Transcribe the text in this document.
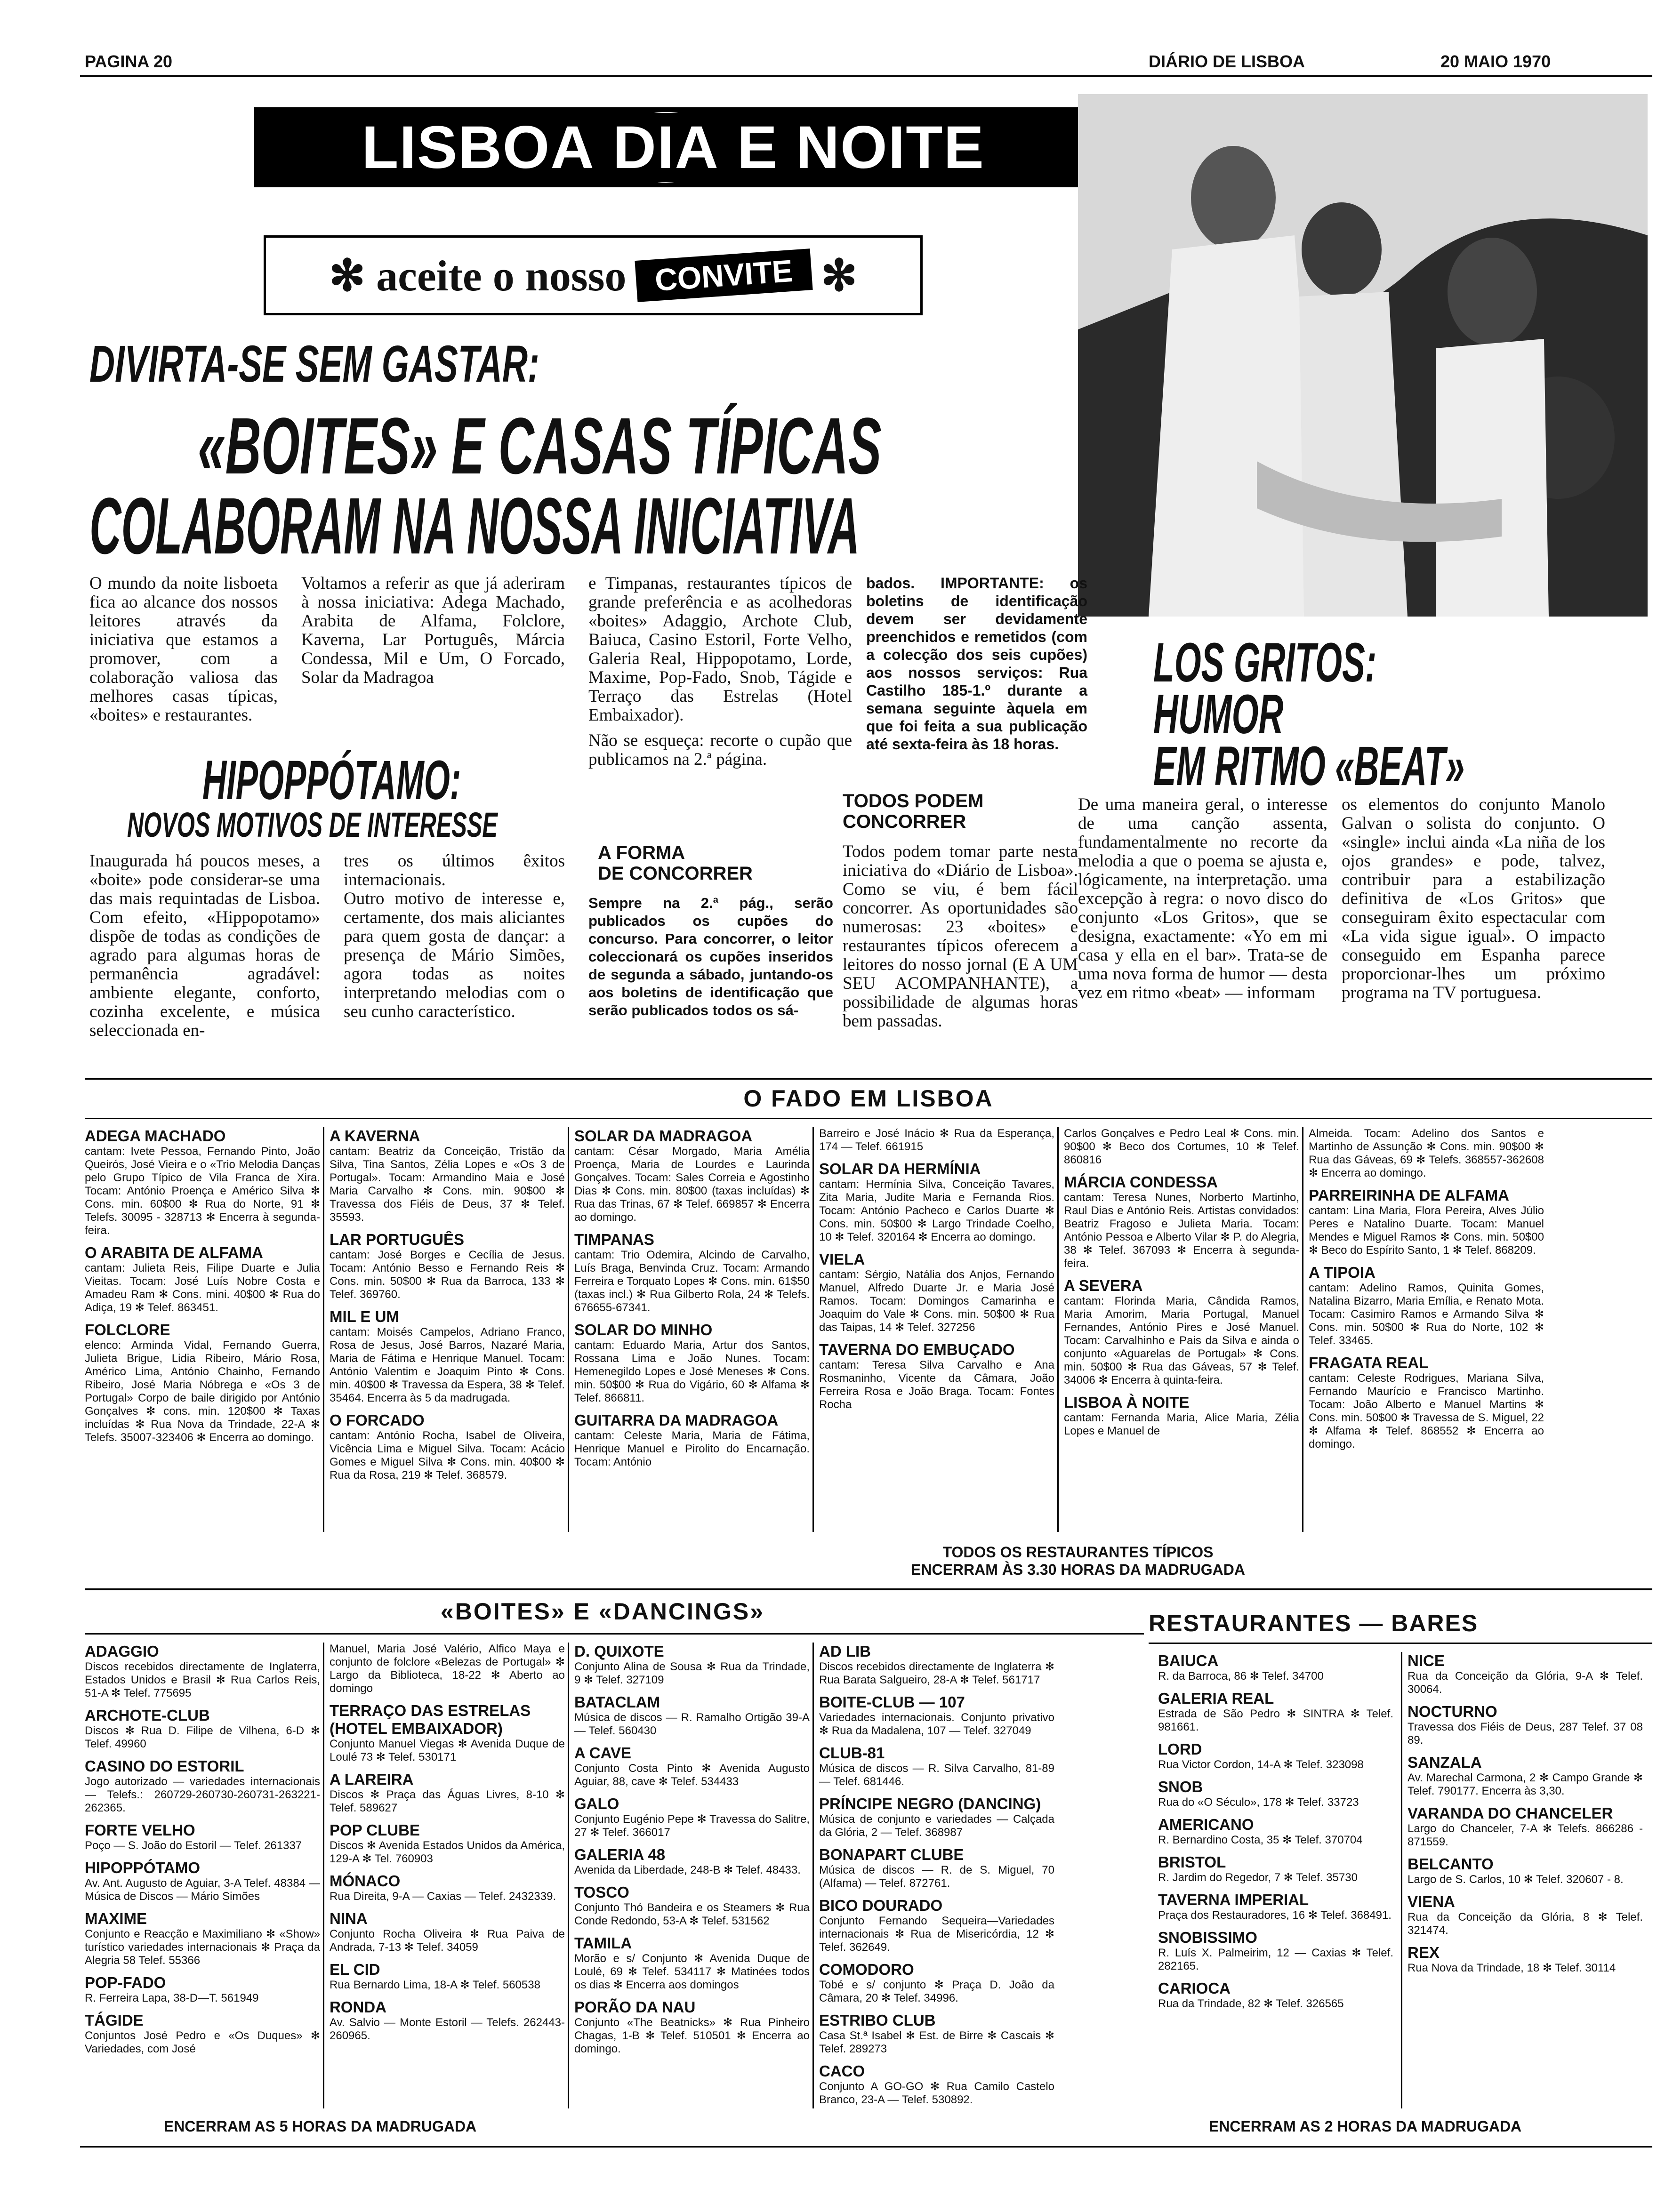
PAGINA 20	DIÁRIO DE LISBOA	20 MAIO 1970
LISBOA DIA E NOITE
✻ aceite o nosso CONVITE ✻
DIVIRTA-SE SEM GASTAR:
«BOITES» E CASAS TÍPICAS
COLABORAM NA NOSSA INICIATIVA

O mundo da noite lisboeta fica ao alcance dos nossos leitores através da iniciativa que estamos a promover, com a colaboração valiosa das melhores casas típicas, «boites» e restaurantes.

Voltamos a referir as que já aderiram à nossa iniciativa: Adega Machado, Arabita de Alfama, Folclore, Kaverna, Lar Português, Márcia Condessa, Mil e Um, O Forcado, Solar da Madragoa

e Timpanas, restaurantes típicos de grande preferência e as acolhedoras «boites» Adaggio, Archote Club, Baiuca, Casino Estoril, Forte Velho, Galeria Real, Hippopotamo, Lorde, Maxime, Pop-Fado, Snob, Tágide e Terraço das Estrelas (Hotel Embaixador).

Não se esqueça: recorte o cupão que publicamos na 2.ª página.

bados. IMPORTANTE: os boletins de identificação devem ser devidamente preenchidos e remetidos (com a colecção dos seis cupões) aos nossos serviços: Rua Castilho 185-1.º durante a semana seguinte àquela em que foi feita a sua publicação até sexta-feira às 18 horas.

HIPOPPÓTAMO:
NOVOS MOTIVOS DE INTERESSE

Inaugurada há poucos meses, a «boite» pode considerar-se uma das mais requintadas de Lisboa. Com efeito, «Hippopotamo» dispõe de todas as condições de agrado para algumas horas de permanência agradável: ambiente elegante, conforto, cozinha excelente, e música seleccionada en-

tres os últimos êxitos internacionais.
Outro motivo de interesse e, certamente, dos mais aliciantes para quem gosta de dançar: a presença de Mário Simões, agora todas as noites interpretando melodias com o seu cunho característico.

A FORMA
DE CONCORRER

Sempre na 2.ª pág., serão publicados os cupões do concurso. Para concorrer, o leitor coleccionará os cupões inseridos de segunda a sábado, juntando-os aos boletins de identificação que serão publicados todos os sá-

TODOS PODEM
CONCORRER

Todos podem tomar parte nesta iniciativa do «Diário de Lisboa». Como se viu, é bem fácil concorrer. As oportunidades são numerosas: 23 «boites» e restaurantes típicos oferecem a leitores do nosso jornal (E A UM SEU ACOMPANHANTE), a possibilidade de algumas horas bem passadas.

LOS GRITOS:
HUMOR
EM RITMO «BEAT»

De uma maneira geral, o interesse de uma canção assenta, fundamentalmente no recorte da melodia a que o poema se ajusta e, lógicamente, na interpretação. uma excepção à regra: o novo disco do conjunto «Los Gritos», que se designa, exactamente: «Yo em mi casa y ella en el bar». Trata-se de uma nova forma de humor — desta vez em ritmo «beat» — informam

os elementos do conjunto Manolo Galvan o solista do conjunto. O «single» inclui ainda «La niña de los ojos grandes» e pode, talvez, contribuir para a estabilização definitiva de «Los Gritos» que conseguiram êxito espectacular com «La vida sigue igual». O impacto conseguido em Espanha parece proporcionar-lhes um próximo programa na TV portuguesa.

O FADO EM LISBOA
ADEGA MACHADO
cantam: Ivete Pessoa, Fernando Pinto, João Queirós, José Vieira e o «Trio Melodia Danças pelo Grupo Típico de Vila Franca de Xira. Tocam: António Proença e Américo Silva ✻ Cons. min. 60$00 ✻ Rua do Norte, 91 ✻ Telefs. 30095 - 328713 ✻ Encerra à segunda-feira.
O ARABITA DE ALFAMA
cantam: Julieta Reis, Filipe Duarte e Julia Vieitas. Tocam: José Luís Nobre Costa e Amadeu Ram ✻ Cons. mini. 40$00 ✻ Rua do Adiça, 19 ✻ Telef. 863451.
FOLCLORE
elenco: Arminda Vidal, Fernando Guerra, Julieta Brigue, Lidia Ribeiro, Mário Rosa, Américo Lima, António Chainho, Fernando Ribeiro, José Maria Nóbrega e «Os 3 de Portugal» Corpo de baile dirigido por António Gonçalves ✻ cons. min. 120$00 ✻ Taxas incluídas ✻ Rua Nova da Trindade, 22-A ✻ Telefs. 35007-323406 ✻ Encerra ao domingo.
A KAVERNA
cantam: Beatriz da Conceição, Tristão da Silva, Tina Santos, Zélia Lopes e «Os 3 de Portugal». Tocam: Armandino Maia e José Maria Carvalho ✻ Cons. min. 90$00 ✻ Travessa dos Fiéis de Deus, 37 ✻ Telef. 35593.
LAR PORTUGUÊS
cantam: José Borges e Cecília de Jesus. Tocam: António Besso e Fernando Reis ✻ Cons. min. 50$00 ✻ Rua da Barroca, 133 ✻ Telef. 369760.
MIL E UM
cantam: Moisés Campelos, Adriano Franco, Rosa de Jesus, José Barros, Nazaré Maria, Maria de Fátima e Henrique Manuel. Tocam: António Valentim e Joaquim Pinto ✻ Cons. min. 40$00 ✻ Travessa da Espera, 38 ✻ Telef. 35464. Encerra às 5 da madrugada.
O FORCADO
cantam: António Rocha, Isabel de Oliveira, Vicência Lima e Miguel Silva. Tocam: Acácio Gomes e Miguel Silva ✻ Cons. min. 40$00 ✻ Rua da Rosa, 219 ✻ Telef. 368579.
SOLAR DA MADRAGOA
cantam: César Morgado, Maria Amélia Proença, Maria de Lourdes e Laurinda Gonçalves. Tocam: Sales Correia e Agostinho Dias ✻ Cons. min. 80$00 (taxas incluídas) ✻ Rua das Trinas, 67 ✻ Telef. 669857 ✻ Encerra ao domingo.
TIMPANAS
cantam: Trio Odemira, Alcindo de Carvalho, Luís Braga, Benvinda Cruz. Tocam: Armando Ferreira e Torquato Lopes ✻ Cons. min. 61$50 (taxas incl.) ✻ Rua Gilberto Rola, 24 ✻ Telefs. 676655-67341.
SOLAR DO MINHO
cantam: Eduardo Maria, Artur dos Santos, Rossana Lima e João Nunes. Tocam: Hemenegildo Lopes e José Meneses ✻ Cons. min. 50$00 ✻ Rua do Vigário, 60 ✻ Alfama ✻ Telef. 866811.
GUITARRA DA MADRAGOA
cantam: Celeste Maria, Maria de Fátima, Henrique Manuel e Pirolito do Encarnação. Tocam: António
Barreiro e José Inácio ✻ Rua da Esperança, 174 — Telef. 661915
SOLAR DA HERMÍNIA
cantam: Hermínia Silva, Conceição Tavares, Zita Maria, Judite Maria e Fernanda Rios. Tocam: António Pacheco e Carlos Duarte ✻ Cons. min. 50$00 ✻ Largo Trindade Coelho, 10 ✻ Telef. 320164 ✻ Encerra ao domingo.
VIELA
cantam: Sérgio, Natália dos Anjos, Fernando Manuel, Alfredo Duarte Jr. e Maria José Ramos. Tocam: Domingos Camarinha e Joaquim do Vale ✻ Cons. min. 50$00 ✻ Rua das Taipas, 14 ✻ Telef. 327256
TAVERNA DO EMBUÇADO
cantam: Teresa Silva Carvalho e Ana Rosmaninho, Vicente da Câmara, João Ferreira Rosa e João Braga. Tocam: Fontes Rocha
Carlos Gonçalves e Pedro Leal ✻ Cons. min. 90$00 ✻ Beco dos Cortumes, 10 ✻ Telef. 860816
MÁRCIA CONDESSA
cantam: Teresa Nunes, Norberto Martinho, Raul Dias e António Reis. Artistas convidados: Beatriz Fragoso e Julieta Maria. Tocam: António Pessoa e Alberto Vilar ✻ P. do Alegria, 38 ✻ Telef. 367093 ✻ Encerra à segunda-feira.
A SEVERA
cantam: Florinda Maria, Cândida Ramos, Maria Amorim, Maria Portugal, Manuel Fernandes, António Pires e José Manuel. Tocam: Carvalhinho e Pais da Silva e ainda o conjunto «Aguarelas de Portugal» ✻ Cons. min. 50$00 ✻ Rua das Gáveas, 57 ✻ Telef. 34006 ✻ Encerra à quinta-feira.
LISBOA À NOITE
cantam: Fernanda Maria, Alice Maria, Zélia Lopes e Manuel de
Almeida. Tocam: Adelino dos Santos e Martinho de Assunção ✻ Cons. min. 90$00 ✻ Rua das Gáveas, 69 ✻ Telefs. 368557-362608 ✻ Encerra ao domingo.
PARREIRINHA DE ALFAMA
cantam: Lina Maria, Flora Pereira, Alves Júlio Peres e Natalino Duarte. Tocam: Manuel Mendes e Miguel Ramos ✻ Cons. min. 50$00 ✻ Beco do Espírito Santo, 1 ✻ Telef. 868209.
A TIPOIA
cantam: Adelino Ramos, Quinita Gomes, Natalina Bizarro, Maria Emília, e Renato Mota. Tocam: Casimiro Ramos e Armando Silva ✻ Cons. min. 50$00 ✻ Rua do Norte, 102 ✻ Telef. 33465.
FRAGATA REAL
cantam: Celeste Rodrigues, Mariana Silva, Fernando Maurício e Francisco Martinho. Tocam: João Alberto e Manuel Martins ✻ Cons. min. 50$00 ✻ Travessa de S. Miguel, 22 ✻ Alfama ✻ Telef. 868552 ✻ Encerra ao domingo.
TODOS OS RESTAURANTES TÍPICOS
ENCERRAM ÀS 3.30 HORAS DA MADRUGADA
«BOITES» E «DANCINGS»	RESTAURANTES — BARES
ADAGGIO
Discos recebidos directamente de Inglaterra, Estados Unidos e Brasil ✻ Rua Carlos Reis, 51-A ✻ Telef. 775695
ARCHOTE-CLUB
Discos ✻ Rua D. Filipe de Vilhena, 6-D ✻ Telef. 49960
CASINO DO ESTORIL
Jogo autorizado — variedades internacionais — Telefs.: 260729-260730-260731-263221-262365.
FORTE VELHO
Poço — S. João do Estoril — Telef. 261337
HIPOPPÓTAMO
Av. Ant. Augusto de Aguiar, 3-A Telef. 48384 — Música de Discos — Mário Simões
MAXIME
Conjunto e Reacção e Maximiliano ✻ «Show» turístico variedades internacionais ✻ Praça da Alegria 58 Telef. 55366
POP-FADO
R. Ferreira Lapa, 38-D—T. 561949
TÁGIDE
Conjuntos José Pedro e «Os Duques» ✻ Variedades, com José
Manuel, Maria José Valério, Alfico Maya e conjunto de folclore «Belezas de Portugal» ✻ Largo da Biblioteca, 18-22 ✻ Aberto ao domingo
TERRAÇO DAS ESTRELAS (HOTEL EMBAIXADOR)
Conjunto Manuel Viegas ✻ Avenida Duque de Loulé 73 ✻ Telef. 530171
A LAREIRA
Discos ✻ Praça das Águas Livres, 8-10 ✻ Telef. 589627
POP CLUBE
Discos ✻ Avenida Estados Unidos da América, 129-A ✻ Tel. 760903
MÓNACO
Rua Direita, 9-A — Caxias — Telef. 2432339.
NINA
Conjunto Rocha Oliveira ✻ Rua Paiva de Andrada, 7-13 ✻ Telef. 34059
EL CID
Rua Bernardo Lima, 18-A ✻ Telef. 560538
RONDA
Av. Salvio — Monte Estoril — Telefs. 262443-260965.
D. QUIXOTE
Conjunto Alina de Sousa ✻ Rua da Trindade, 9 ✻ Telef. 327109
BATACLAM
Música de discos — R. Ramalho Ortigão 39-A — Telef. 560430
A CAVE
Conjunto Costa Pinto ✻ Avenida Augusto Aguiar, 88, cave ✻ Telef. 534433
GALO
Conjunto Eugénio Pepe ✻ Travessa do Salitre, 27 ✻ Telef. 366017
GALERIA 48
Avenida da Liberdade, 248-B ✻ Telef. 48433.
TOSCO
Conjunto Thó Bandeira e os Steamers ✻ Rua Conde Redondo, 53-A ✻ Telef. 531562
TAMILA
Morão e s/ Conjunto ✻ Avenida Duque de Loulé, 69 ✻ Telef. 534117 ✻ Matinées todos os dias ✻ Encerra aos domingos
PORÃO DA NAU
Conjunto «The Beatnicks» ✻ Rua Pinheiro Chagas, 1-B ✻ Telef. 510501 ✻ Encerra ao domingo.
AD LIB
Discos recebidos directamente de Inglaterra ✻ Rua Barata Salgueiro, 28-A ✻ Telef. 561717
BOITE-CLUB — 107
Variedades internacionais. Conjunto privativo ✻ Rua da Madalena, 107 — Telef. 327049
CLUB-81
Música de discos — R. Silva Carvalho, 81-89 — Telef. 681446.
PRÍNCIPE NEGRO (DANCING)
Música de conjunto e variedades — Calçada da Glória, 2 — Telef. 368987
BONAPART CLUBE
Música de discos — R. de S. Miguel, 70 (Alfama) — Telef. 872761.
BICO DOURADO
Conjunto Fernando Sequeira—Variedades internacionais ✻ Rua de Misericórdia, 12 ✻ Telef. 362649.
COMODORO
Tobé e s/ conjunto ✻ Praça D. João da Câmara, 20 ✻ Telef. 34996.
ESTRIBO CLUB
Casa St.ª Isabel ✻ Est. de Birre ✻ Cascais ✻ Telef. 289273
CACO
Conjunto A GO-GO ✻ Rua Camilo Castelo Branco, 23-A — Telef. 530892.
BAIUCA
R. da Barroca, 86 ✻ Telef. 34700
GALERIA REAL
Estrada de São Pedro ✻ SINTRA ✻ Telef. 981661.
LORD
Rua Victor Cordon, 14-A ✻ Telef. 323098
SNOB
Rua do «O Século», 178 ✻ Telef. 33723
AMERICANO
R. Bernardino Costa, 35 ✻ Telef. 370704
BRISTOL
R. Jardim do Regedor, 7 ✻ Telef. 35730
TAVERNA IMPERIAL
Praça dos Restauradores, 16 ✻ Telef. 368491.
SNOBISSIMO
R. Luís X. Palmeirim, 12 — Caxias ✻ Telef. 282165.
CARIOCA
Rua da Trindade, 82 ✻ Telef. 326565
NICE
Rua da Conceição da Glória, 9-A ✻ Telef. 30064.
NOCTURNO
Travessa dos Fiéis de Deus, 287 Telef. 37 08 89.
SANZALA
Av. Marechal Carmona, 2 ✻ Campo Grande ✻ Telef. 790177. Encerra às 3,30.
VARANDA DO CHANCELER
Largo do Chanceler, 7-A ✻ Telefs. 866286 - 871559.
BELCANTO
Largo de S. Carlos, 10 ✻ Telef. 320607 - 8.
VIENA
Rua da Conceição da Glória, 8 ✻ Telef. 321474.
REX
Rua Nova da Trindade, 18 ✻ Telef. 30114
ENCERRAM AS 5 HORAS DA MADRUGADA	ENCERRAM AS 2 HORAS DA MADRUGADA
